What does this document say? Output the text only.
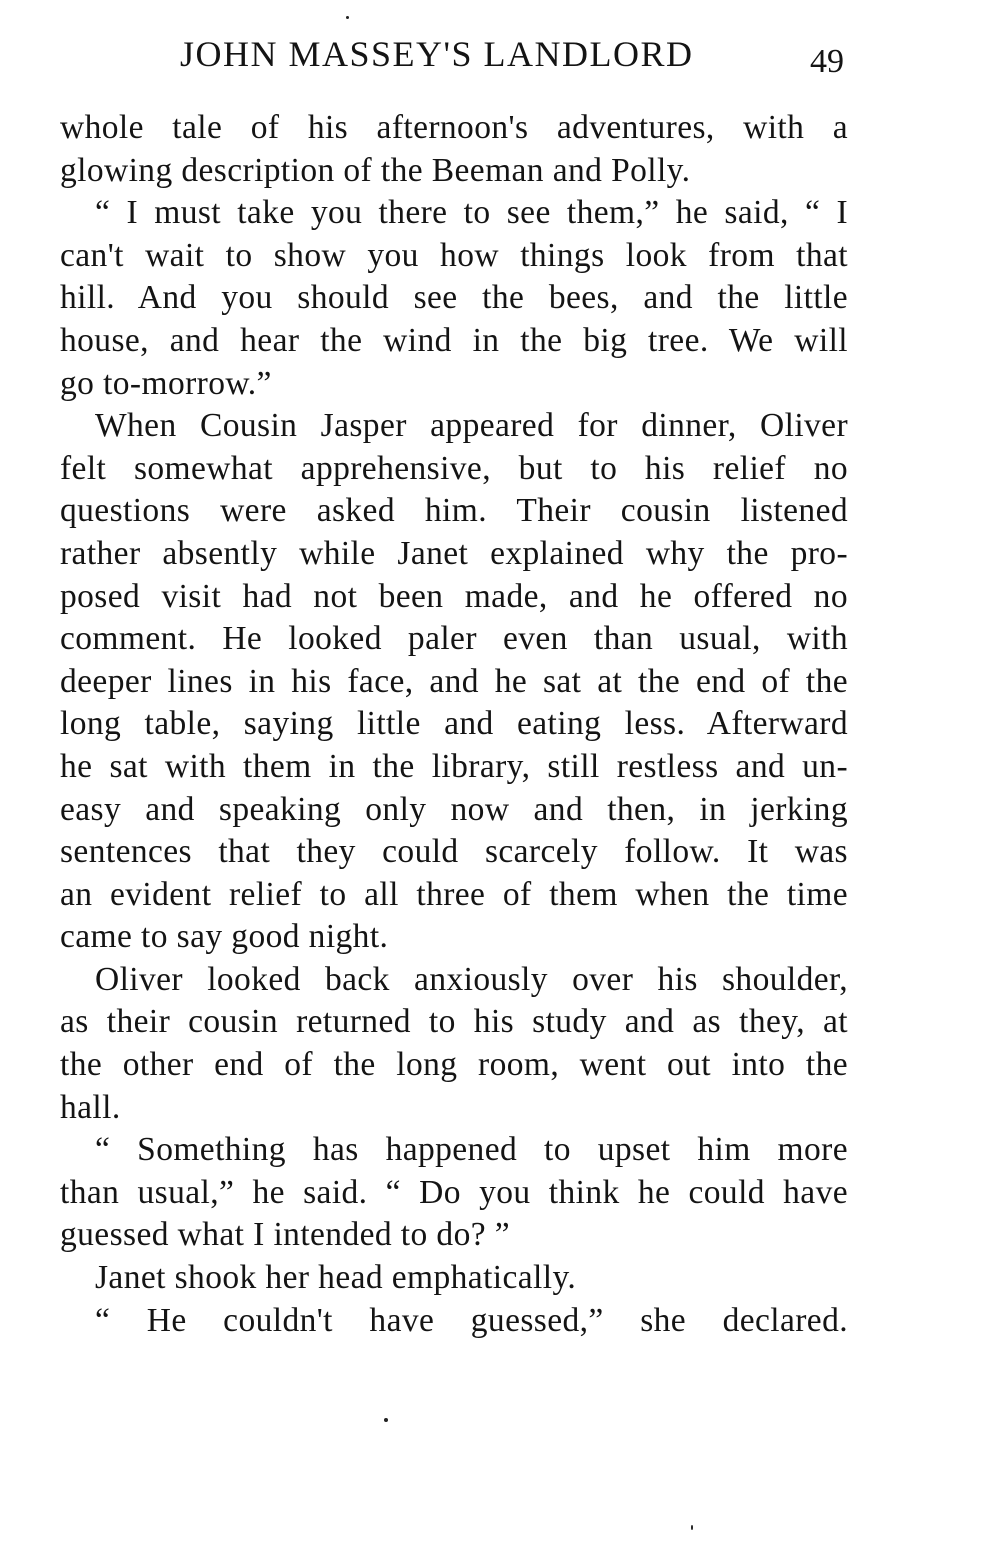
JOHN MASSEY'S LANDLORD	49
whole tale of his afternoon's adventures, with a
glowing description of the Beeman and Polly.
“ I must take you there to see them,” he said, “ I
can't wait to show you how things look from that
hill. And you should see the bees, and the little
house, and hear the wind in the big tree. We will
go to-morrow.”
When Cousin Jasper appeared for dinner, Oliver
felt somewhat apprehensive, but to his relief no
questions were asked him. Their cousin listened
rather absently while Janet explained why the pro-
posed visit had not been made, and he offered no
comment. He looked paler even than usual, with
deeper lines in his face, and he sat at the end of the
long table, saying little and eating less. Afterward
he sat with them in the library, still restless and un-
easy and speaking only now and then, in jerking
sentences that they could scarcely follow. It was
an evident relief to all three of them when the time
came to say good night.
Oliver looked back anxiously over his shoulder,
as their cousin returned to his study and as they, at
the other end of the long room, went out into the
hall.
“ Something has happened to upset him more
than usual,” he said. “ Do you think he could have
guessed what I intended to do? ”
Janet shook her head emphatically.
“ He couldn't have guessed,” she declared.
